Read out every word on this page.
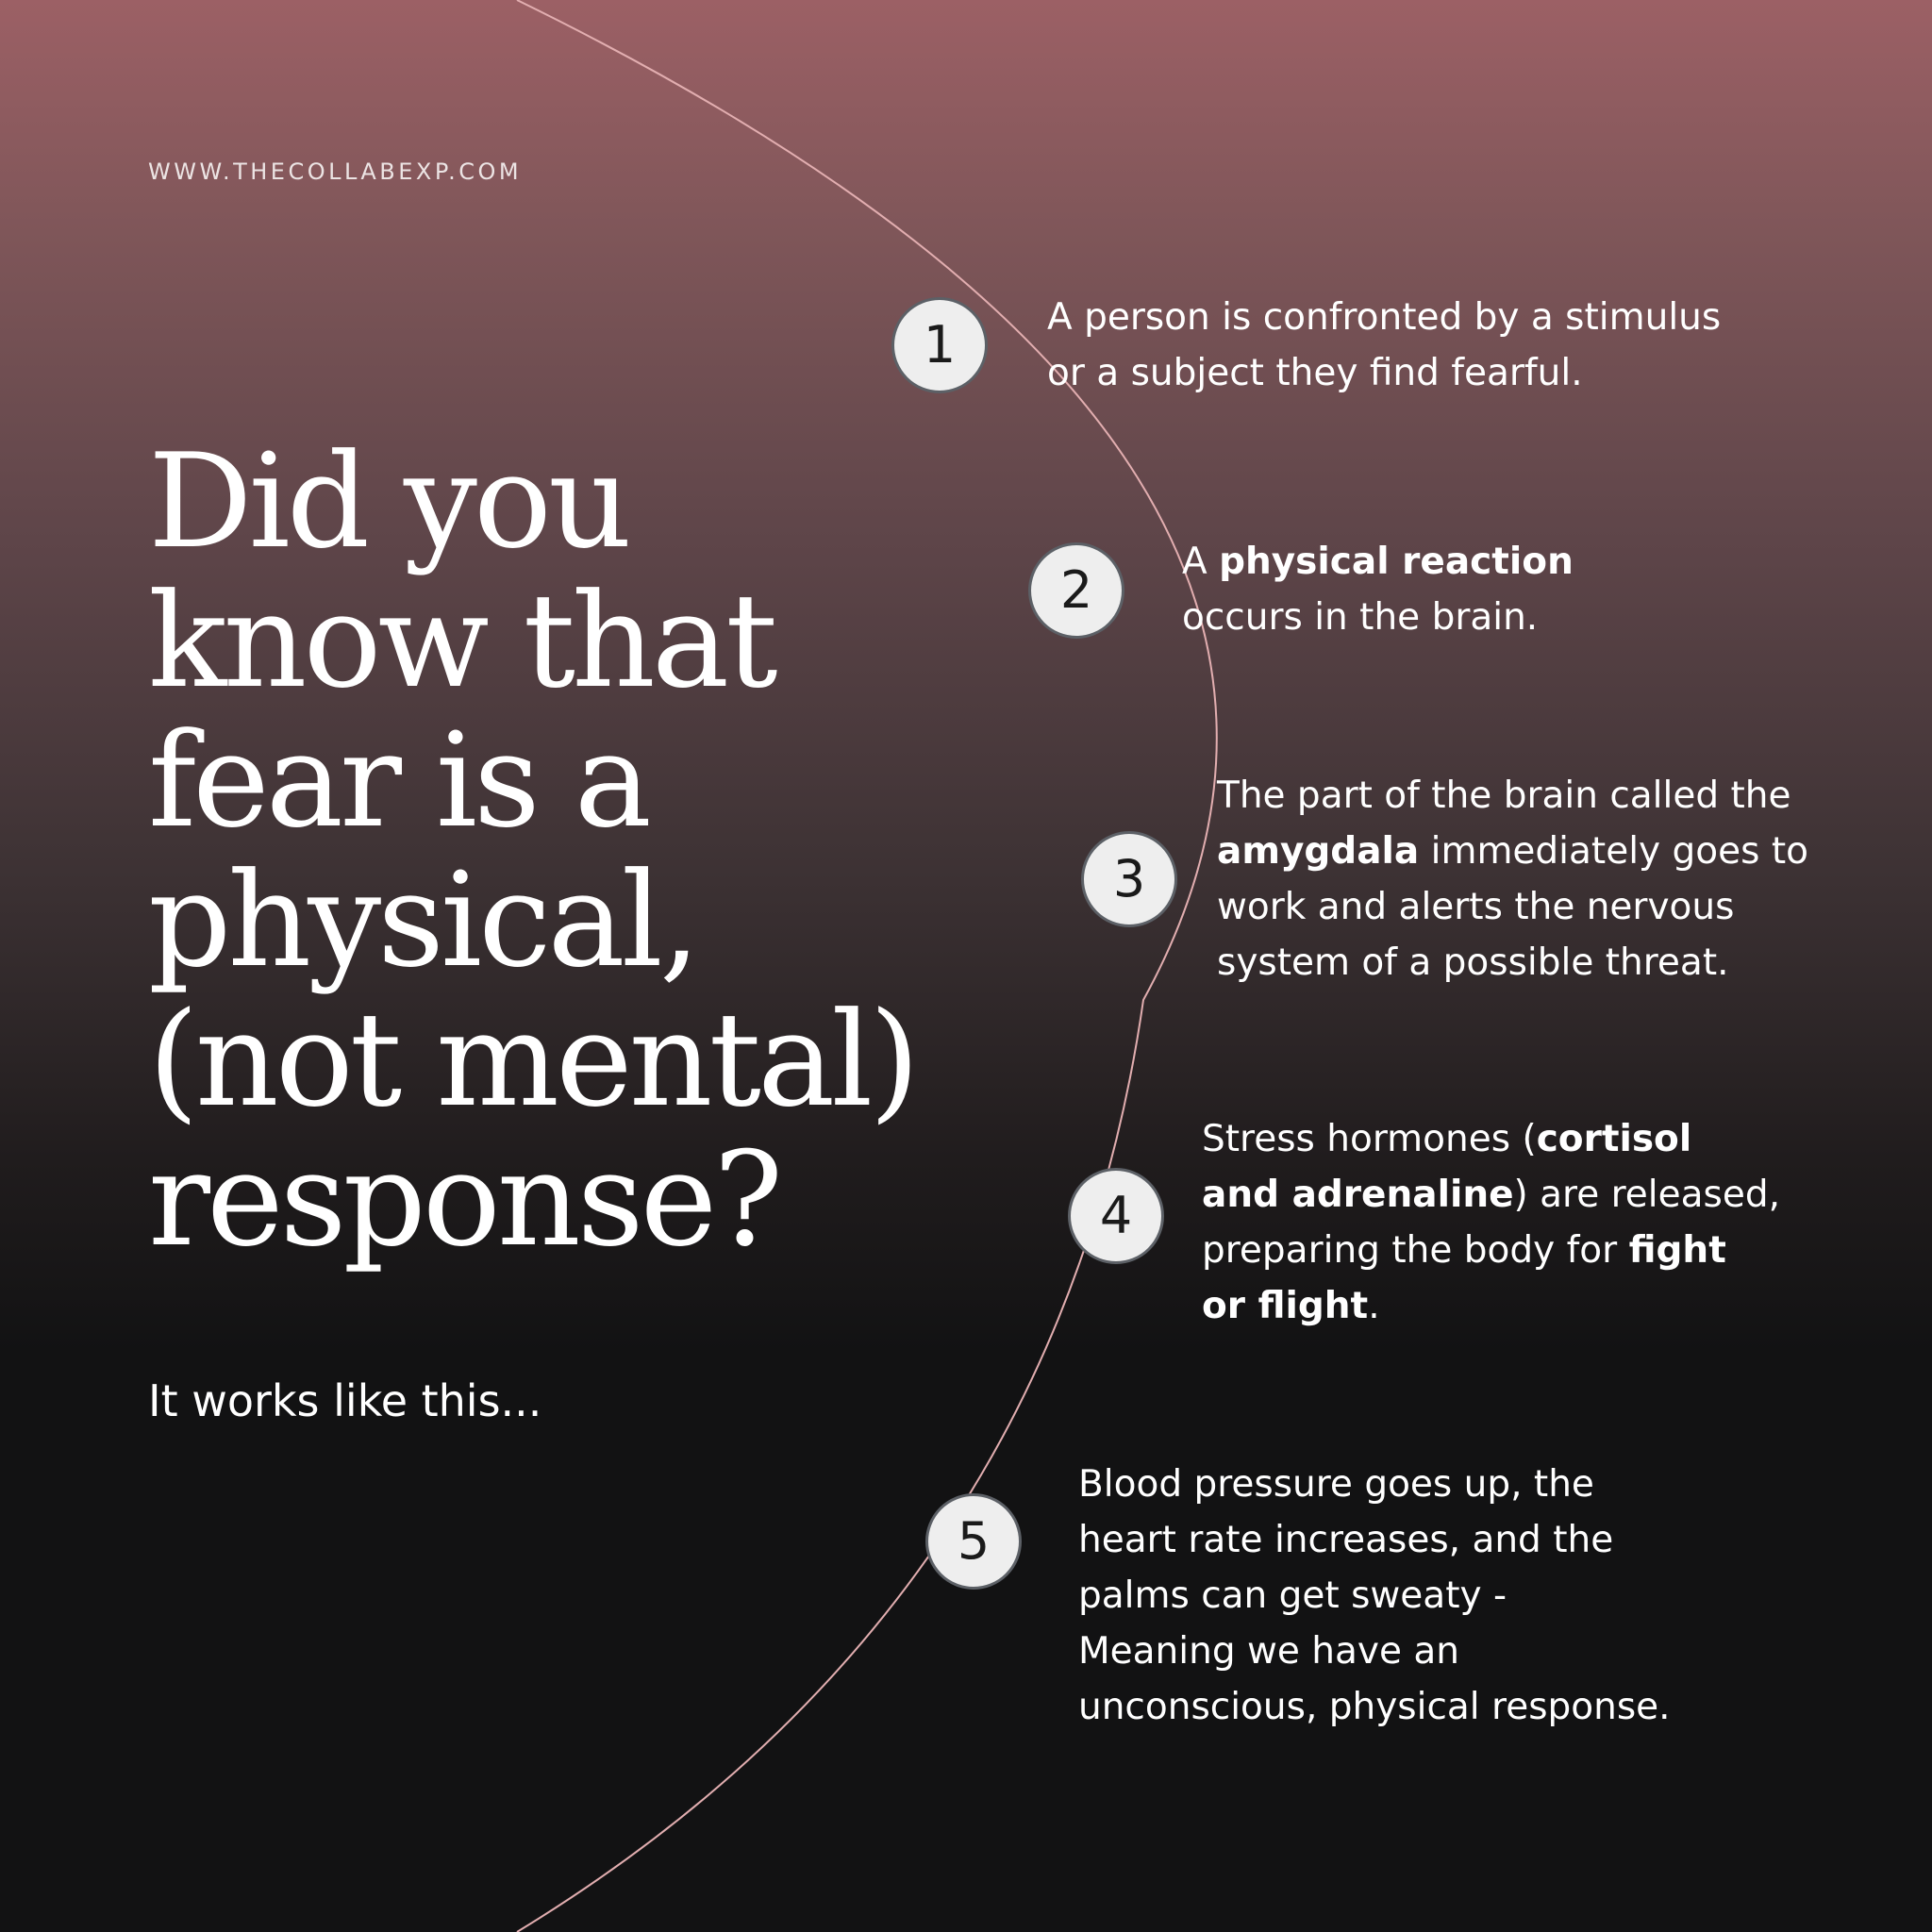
WWW.THECOLLABEXP.COM
Did you
know that
fear is a
physical,
(not mental)
response?
It works like this...
1	A person is confronted by a stimulus
or a subject they find fearful.
2	A physical reaction
occurs in the brain.
3
The part of the brain called the
amygdala immediately goes to
work and alerts the nervous
system of a possible threat.
4
Stress hormones (cortisol
and adrenaline) are released,
preparing the body for fight
or flight.
5
Blood pressure goes up, the
heart rate increases, and the
palms can get sweaty -
Meaning we have an
unconscious, physical response.
